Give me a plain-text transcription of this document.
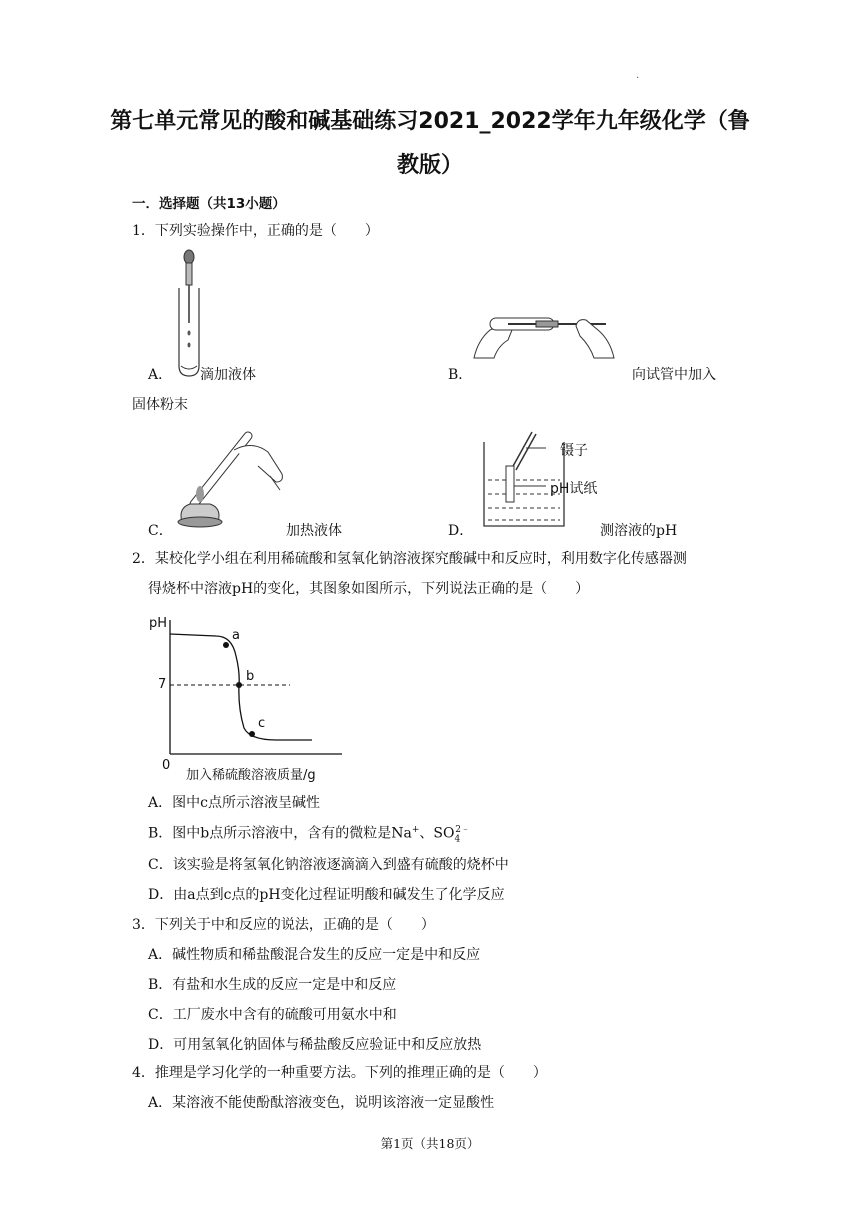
.
第七单元常见的酸和碱基础练习2021_2022学年九年级化学（鲁
教版）
一．选择题（共13小题）
1．下列实验操作中，正确的是（　　）
A． 滴加液体	B．	向试管中加入
固体粉末
C．	加热液体
镊子
pH试纸
D．	测溶液的pH
2．某校化学小组在利用稀硫酸和氢氧化钠溶液探究酸碱中和反应时，利用数字化传感器测
得烧杯中溶液pH的变化，其图象如图所示，下列说法正确的是（　　）
pH
7
0
a
b
c
加入稀硫酸溶液质量/g
A．图中c点所示溶液呈碱性
B．图中b点所示溶液中，含有的微粒是Na+、$SO_4^{2﹣}$
C．该实验是将氢氧化钠溶液逐滴滴入到盛有硫酸的烧杯中
D．由a点到c点的pH变化过程证明酸和碱发生了化学反应
3．下列关于中和反应的说法，正确的是（　　）
A．碱性物质和稀盐酸混合发生的反应一定是中和反应
B．有盐和水生成的反应一定是中和反应
C．工厂废水中含有的硫酸可用氨水中和
D．可用氢氧化钠固体与稀盐酸反应验证中和反应放热
4．推理是学习化学的一种重要方法。下列的推理正确的是（　　）
A．某溶液不能使酚酞溶液变色，说明该溶液一定显酸性
第1页（共18页）
